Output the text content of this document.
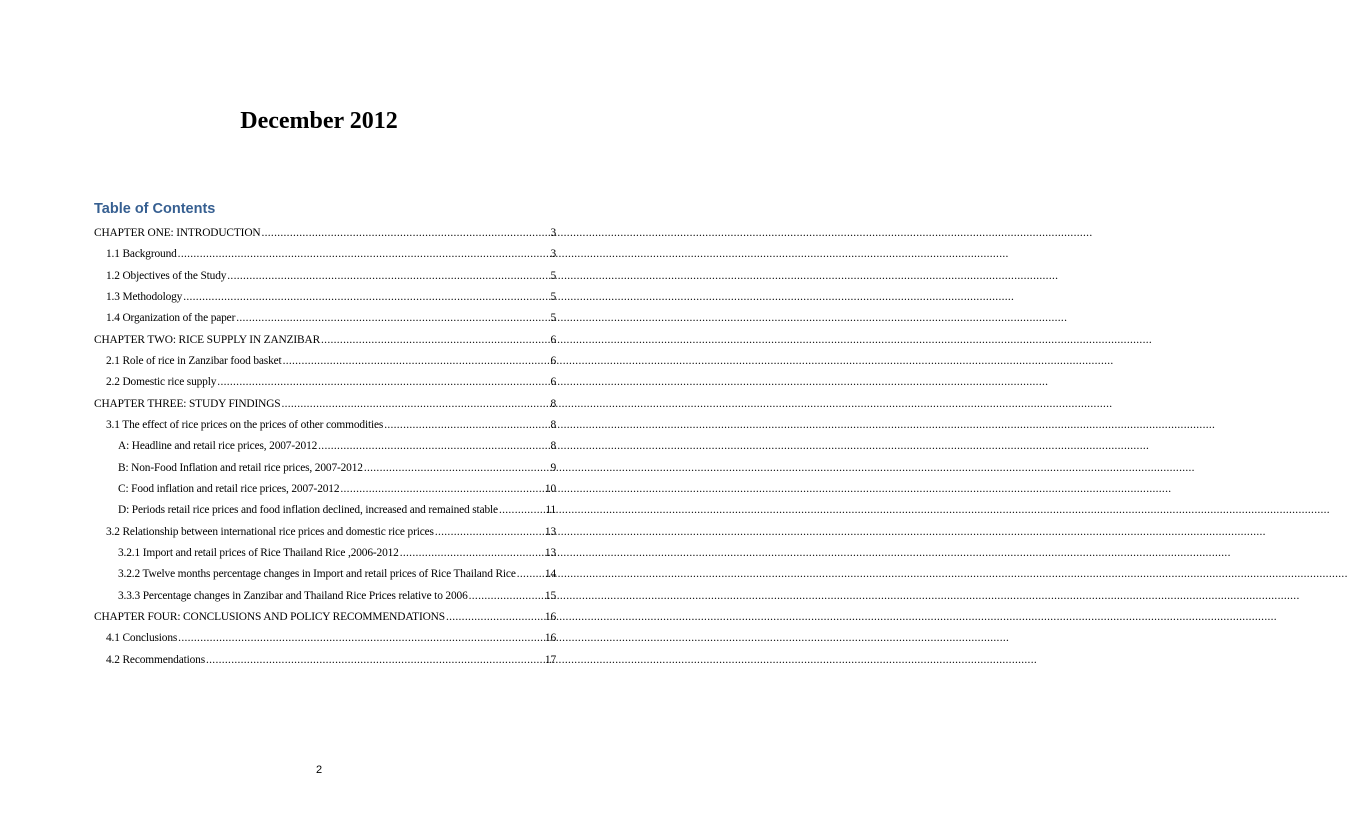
December 2012
Table of Contents
CHAPTER ONE: INTRODUCTION .....	3
1.1 Background .....	3
1.2 Objectives of the Study .....	5
1.3 Methodology .....	5
1.4 Organization of the paper .....	5
CHAPTER TWO: RICE SUPPLY IN ZANZIBAR .....	6
2.1 Role of rice in Zanzibar food basket .....	6
2.2 Domestic rice supply .....	6
CHAPTER THREE: STUDY FINDINGS .....	8
3.1 The effect of rice prices on the prices of other commodities .....	8
A: Headline and retail rice prices, 2007-2012 .....	8
B: Non-Food Inflation and retail rice prices, 2007-2012 .....	9
C: Food inflation and retail rice prices, 2007-2012 .....	10
D: Periods retail rice prices and food inflation declined, increased and remained stable .....	11
3.2 Relationship between international rice prices and domestic rice prices .....	13
3.2.1 Import and retail prices of Rice Thailand Rice ,2006-2012 .....	13
3.2.2 Twelve months percentage changes in Import and retail prices of Rice Thailand Rice .....	14
3.3.3 Percentage changes in Zanzibar and Thailand Rice Prices relative to 2006 .....	15
CHAPTER FOUR: CONCLUSIONS AND POLICY RECOMMENDATIONS .....	16
4.1 Conclusions .....	16
4.2 Recommendations .....	17
2
